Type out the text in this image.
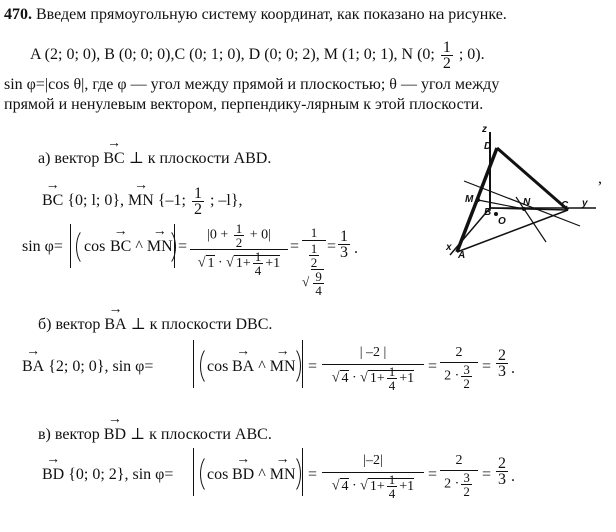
470. Введем прямоугольную систему координат, как показано на рисунке.
A (2; 0; 0), B (0; 0; 0),C (0; 1; 0), D (0; 0; 2), M (1; 0; 1), N (0; $\frac{1}{2}$ ; 0).
sin φ=|cos θ|, где φ — угол между прямой и плоскостью; θ — угол между
прямой и ненулевым вектором, перпендику-лярным к этой плоскости.
z
D
M
B
N
O
C y
x
A
,
а) вектор → BC ⊥ к плоскости ABD.
→ BC {0; l; 0}, → MN {–1; $\frac{1}{2}$ ; –l},
sin φ= cos → BC ^ → MN =
$|0 + \frac{1}{2} + 0|$
√ 1 · √ $1+ \frac{1}{4} +1$
=
1
$\frac{1}{2}$
√ $\frac{9}{4}$
= $\frac{1}{3}$ .
б) вектор → BA ⊥ к плоскости DBC.
→ BA {2; 0; 0}, sin φ=	cos → BA ^ → MN =
| –2 |
√ 4 · √ $1+ \frac{1}{4} +1$
=
2
$2 \cdot \frac{3}{2} = \frac{2}{3}$ .
в) вектор → BD ⊥ к плоскости ABC.
→ BD {0; 0; 2}, sin φ= cos → BD ^ → MN =
|–2|
√ 4 · √ $1+ \frac{1}{4} +1$
=
2
$2 \cdot \frac{3}{2} = \frac{2}{3}$ .
